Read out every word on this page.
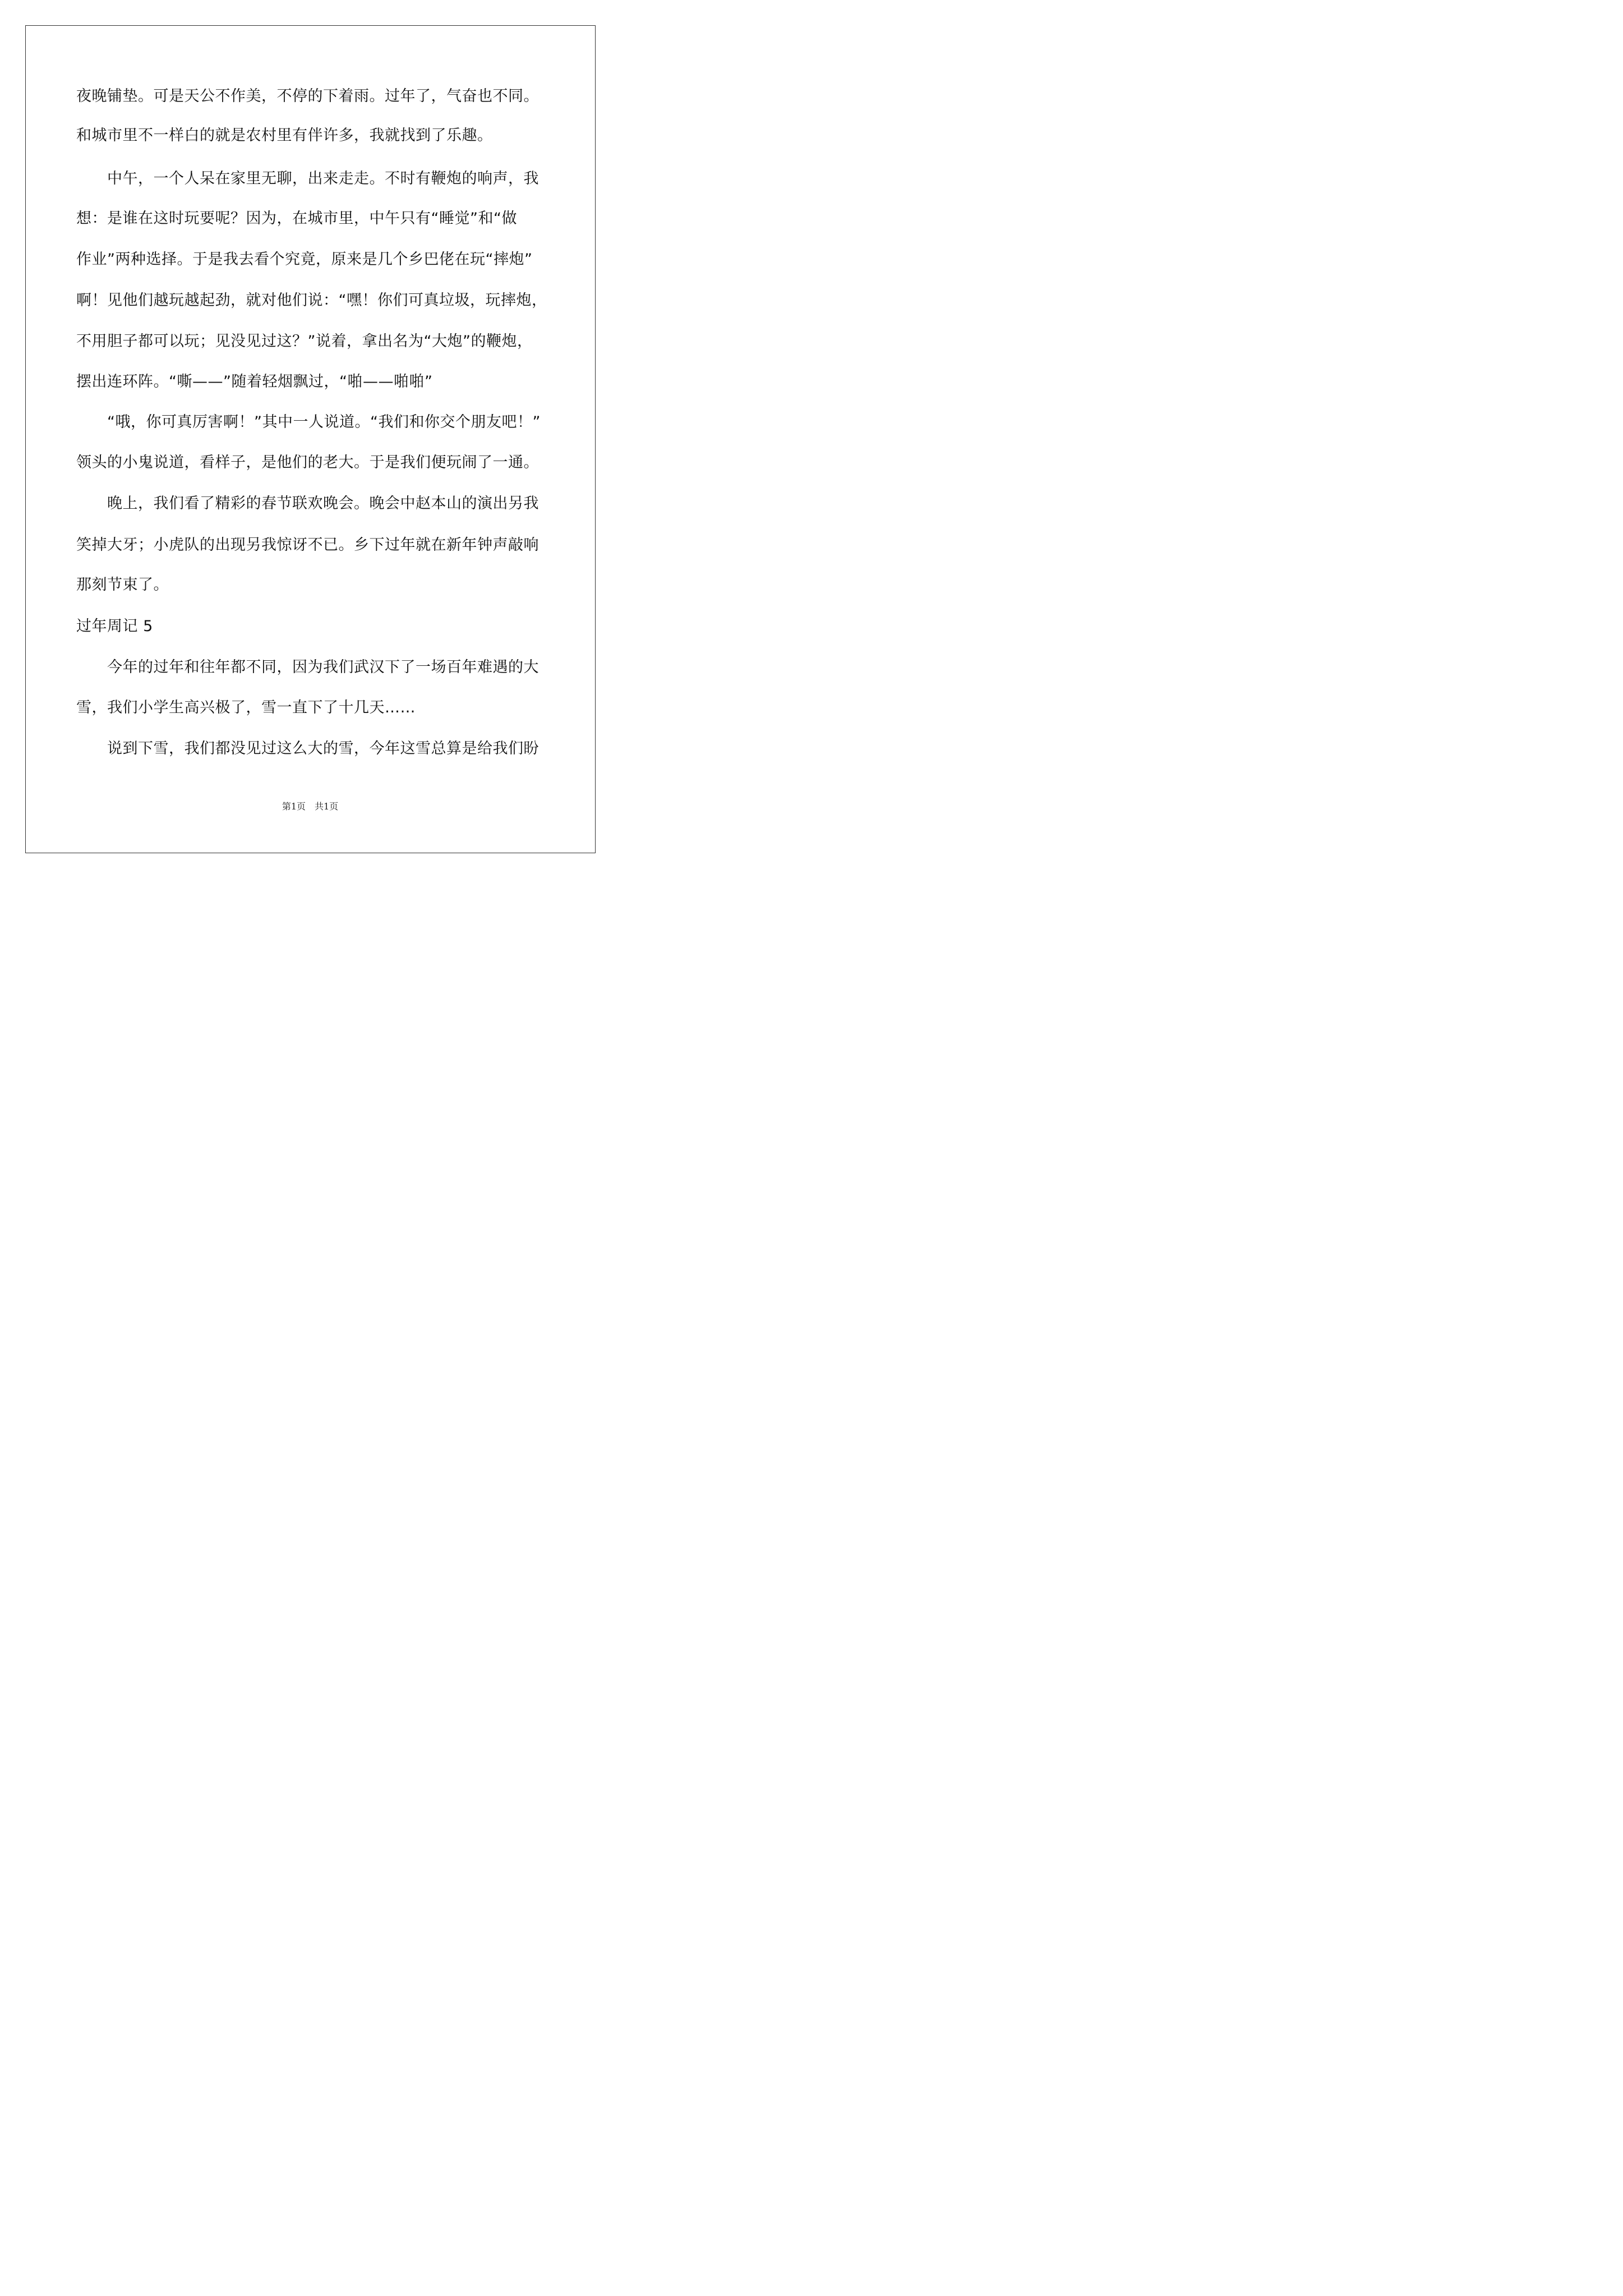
夜晚铺垫。可是天公不作美，不停的下着雨。过年了，气奋也不同。
和城市里不一样白的就是农村里有伴许多，我就找到了乐趣。
中午，一个人呆在家里无聊，出来走走。不时有鞭炮的响声，我
想：是谁在这时玩要呢？因为，在城市里，中午只有“睡觉”和“做
作业”两种选择。于是我去看个究竟，原来是几个乡巴佬在玩“摔炮”
啊！见他们越玩越起劲，就对他们说：“嘿！你们可真垃圾，玩摔炮，
不用胆子都可以玩；见没见过这？”说着，拿出名为“大炮”的鞭炮，
摆出连环阵。“嘶——”随着轻烟飘过，“啪——啪啪”
“哦，你可真厉害啊！”其中一人说道。“我们和你交个朋友吧！”
领头的小鬼说道，看样子，是他们的老大。于是我们便玩闹了一通。
晚上，我们看了精彩的春节联欢晚会。晚会中赵本山的演出另我
笑掉大牙；小虎队的出现另我惊讶不已。乡下过年就在新年钟声敲响
那刻节束了。
过年周记 5
今年的过年和往年都不同，因为我们武汉下了一场百年难遇的大
雪，我们小学生高兴极了，雪一直下了十几天……
说到下雪，我们都没见过这么大的雪，今年这雪总算是给我们盼
第1页　共1页
